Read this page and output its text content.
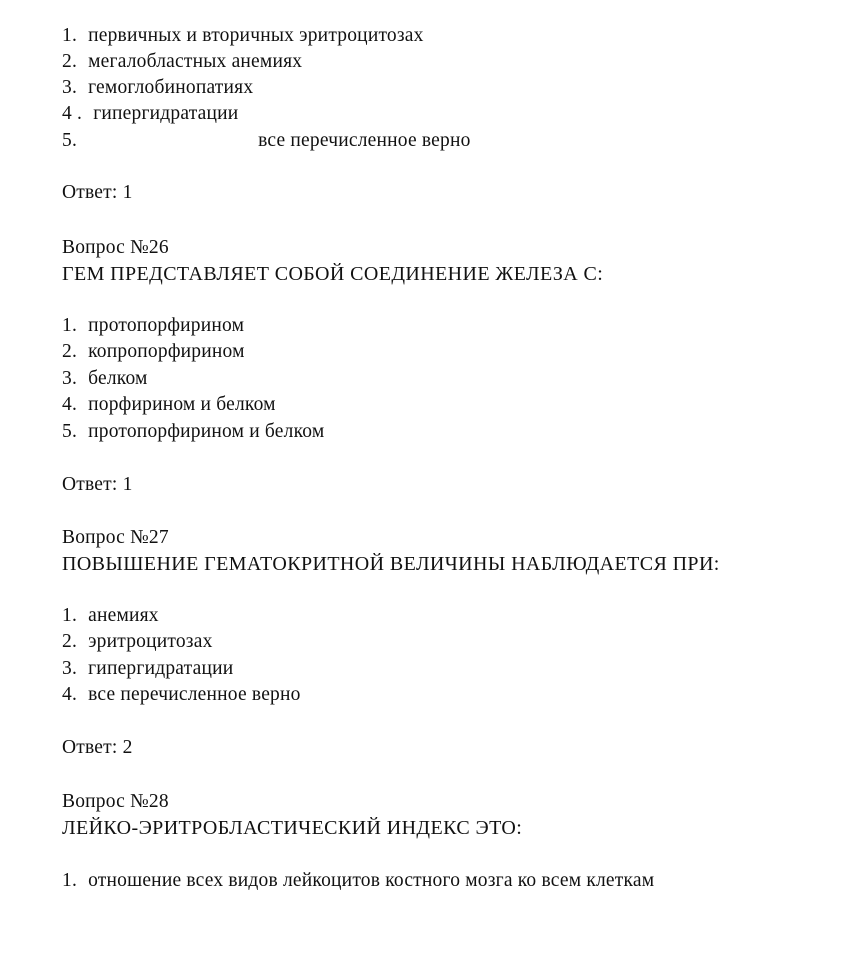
1. первичных и вторичных эритроцитозах
2. мегалобластных анемиях
3. гемоглобинопатиях
4 . гипергидратации
5.	все перечисленное верно
Ответ: 1
Вопрос №26
ГЕМ ПРЕДСТАВЛЯЕТ СОБОЙ СОЕДИНЕНИЕ ЖЕЛЕЗА С:
1. протопорфирином
2. копропорфирином
3. белком
4. порфирином и белком
5. протопорфирином и белком
Ответ: 1
Вопрос №27
ПОВЫШЕНИЕ ГЕМАТОКРИТНОЙ ВЕЛИЧИНЫ НАБЛЮДАЕТСЯ ПРИ:
1. анемиях
2. эритроцитозах
3. гипергидратации
4. все перечисленное верно
Ответ: 2
Вопрос №28
ЛЕЙКО-ЭРИТРОБЛАСТИЧЕСКИЙ ИНДЕКС ЭТО:
1. отношение всех видов лейкоцитов костного мозга ко всем клеткам
